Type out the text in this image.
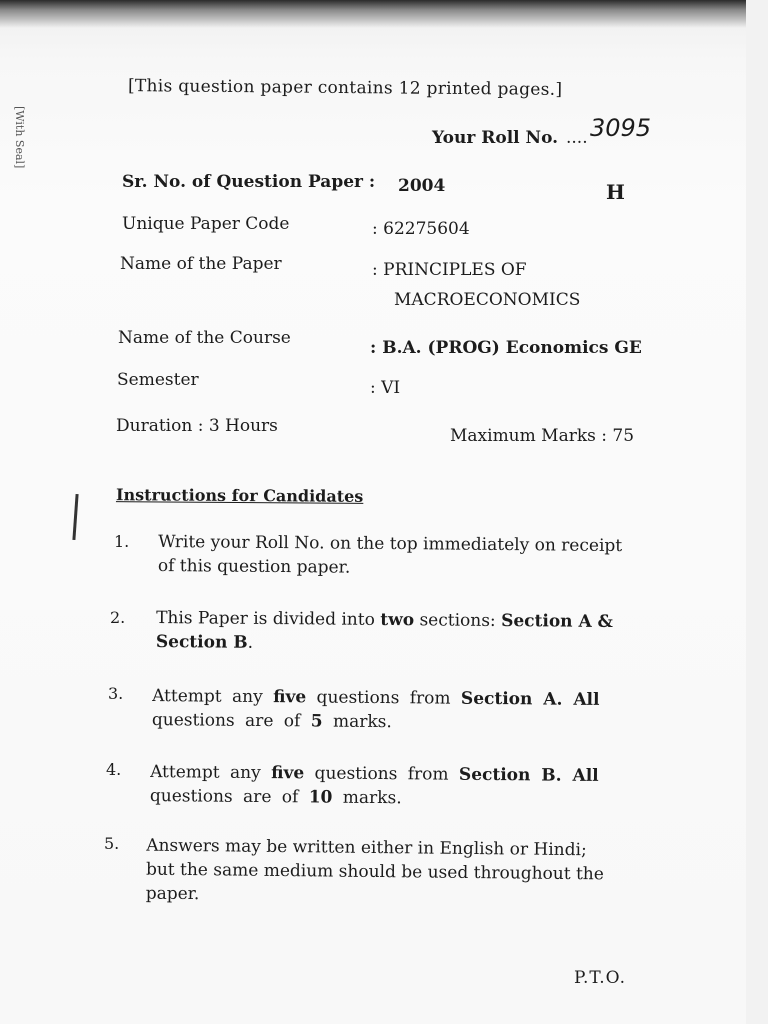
[With Seal]
[This question paper contains 12 printed pages.]
Your Roll No. .... 3095
Sr. No. of Question Paper : 2004	H
Unique Paper Code	: 62275604
Name of the Paper	: PRINCIPLES OF
MACROECONOMICS
Name of the Course	: B.A. (PROG) Economics GE
Semester	: VI
Duration : 3 Hours	Maximum Marks : 75
Instructions for Candidates
1. Write your Roll No. on the top immediately on receipt
of this question paper.
2. This Paper is divided into two sections: Section A &
Section B.
3. Attempt any five questions from Section A. All
questions are of 5 marks.
4. Attempt any five questions from Section B. All
questions are of 10 marks.
5. Answers may be written either in English or Hindi;
but the same medium should be used throughout the
paper.
P.T.O.
